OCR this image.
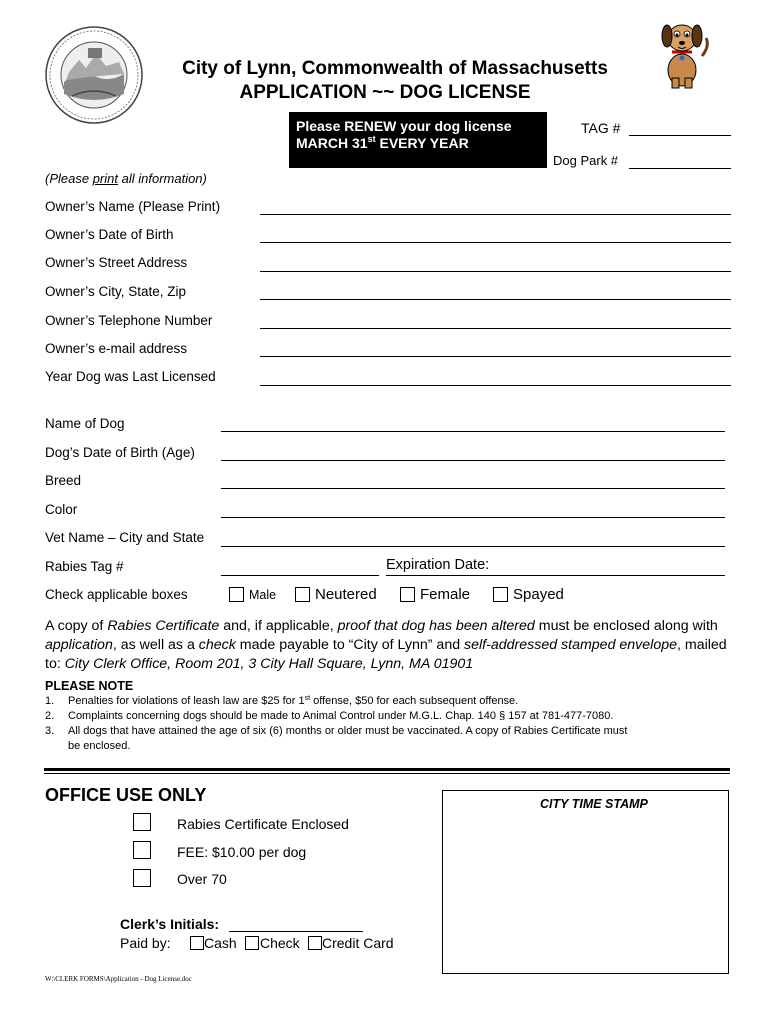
City of Lynn, Commonwealth of Massachusetts
APPLICATION ~~ DOG LICENSE
Please RENEW your dog license
MARCH 31st EVERY YEAR
TAG #
Dog Park #
(Please print all information)
Owner’s Name (Please Print)
Owner’s Date of Birth
Owner’s Street Address
Owner’s City, State, Zip
Owner’s Telephone Number
Owner’s e-mail address
Year Dog was Last Licensed
Name of Dog
Dog’s Date of Birth (Age)
Breed
Color
Vet Name – City and State
Rabies Tag #	Expiration Date:
Check applicable boxes	Male	Neutered	Female	Spayed
A copy of Rabies Certificate and, if applicable, proof that dog has been altered must be enclosed along with application, as well as a check made payable to “City of Lynn” and self-addressed stamped envelope, mailed to: City Clerk Office, Room 201, 3 City Hall Square, Lynn, MA 01901
PLEASE NOTE
1. Penalties for violations of leash law are $25 for 1st offense, $50 for each subsequent offense.
2. Complaints concerning dogs should be made to Animal Control under M.G.L. Chap. 140 § 157 at 781-477-7080.
3. All dogs that have attained the age of six (6) months or older must be vaccinated. A copy of Rabies Certificate must
be enclosed.
OFFICE USE ONLY	CITY TIME STAMP
Rabies Certificate Enclosed
FEE: $10.00 per dog
Over 70
Clerk’s Initials:
Paid by: Cash Check Credit Card
W:\CLERK FORMS\Application - Dog License.doc
